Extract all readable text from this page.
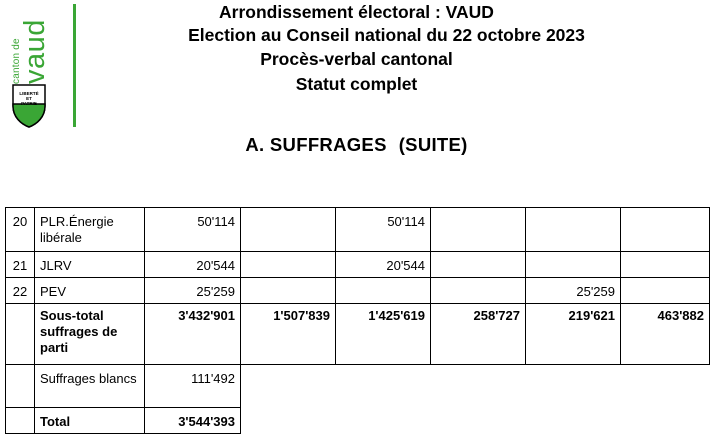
canton de
vaud
LIBERTÉ
ET
PATRIE
Arrondissement électoral : VAUD
Election au Conseil national du 22 octobre 2023
Procès-verbal cantonal
Statut complet
A. SUFFRAGES (SUITE)
20	PLR.Énergie libérale	50'114		50'114			
21	JLRV	20'544		20'544			
22	PEV	25'259				25'259	
	Sous-total suffrages de parti	3'432'901	1'507'839	1'425'619	258'727	219'621	463'882
	Suffrages blancs	111'492					
	Total	3'544'393					
